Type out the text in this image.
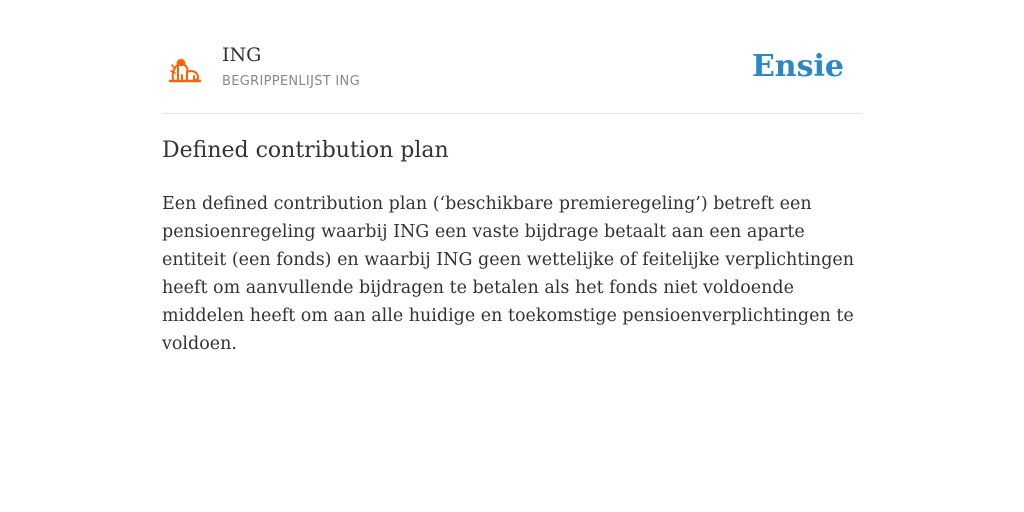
ING
BEGRIPPENLIJST ING	Ensie
Defined contribution plan

Een defined contribution plan (‘beschikbare premieregeling’) betreft een pensioenregeling waarbij ING een vaste bijdrage betaalt aan een aparte entiteit (een fonds) en waarbij ING geen wettelijke of feitelijke verplichtingen heeft om aanvullende bijdragen te betalen als het fonds niet voldoende middelen heeft om aan alle huidige en toekomstige pensioenverplichtingen te voldoen.
